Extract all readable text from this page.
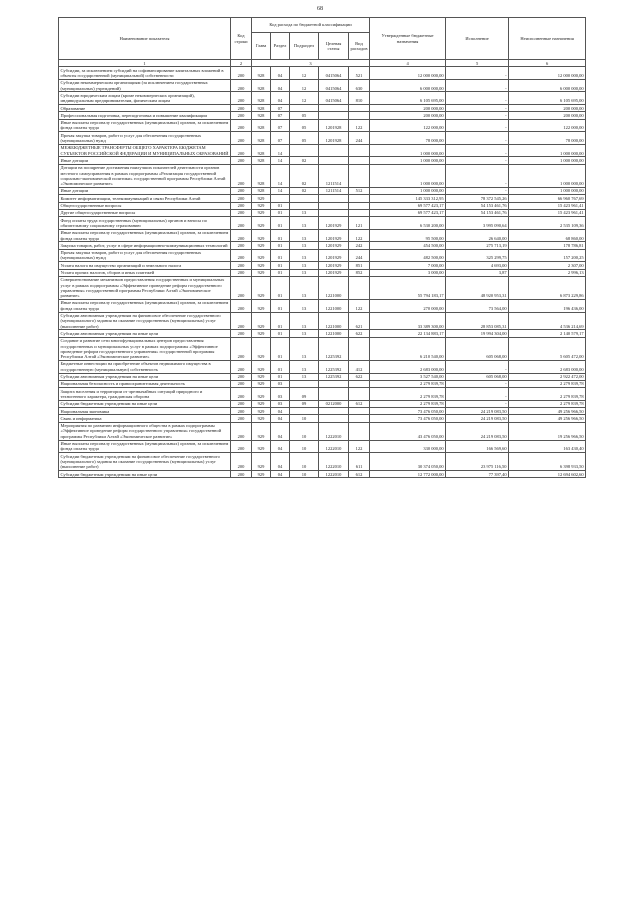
68
Наименование показателя	Код строки	Код расхода по бюджетной классификации					Утвержденные бюджетные назначения	Исполнение	Неисполненные назначения
		Глава	Раздел	Подраздел	Целевая статья	Вид расходов			
1	2	3					4	5	6
Субсидии, за исключением субсидий на софинансирование капитальных вложений в объекты государственной (муниципальной) собственности	200	928	04	12	0415064	521	12 000 000,00	-	12 000 000,00
Субсидии некоммерческим организациям (за исключением государственных (муниципальных) учреждений)	200	928	04	12	0415064	630	6 000 000,00	-	6 000 000,00
Субсидии юридическим лицам (кроме некоммерческих организаций), индивидуальным предпринимателям, физическим лицам	200	928	04	12	0415064	810	6 105 695,00	-	6 105 695,00
Образование	200	928	07				200 000,00	-	200 000,00
Профессиональная подготовка, переподготовка и повышение квалификации	200	928	07	05			200 000,00	-	200 000,00
Иные выплаты персоналу государственных (муниципальных) органов, за исключением фонда оплаты труда	200	928	07	05	1201928	122	122 000,00	-	122 000,00
Прочая закупка товаров, работ и услуг для обеспечения государственных (муниципальных) нужд	200	928	07	05	1201928	244	78 000,00	-	78 000,00
МЕЖБЮДЖЕТНЫЕ ТРАНСФЕРТЫ ОБЩЕГО ХАРАКТЕРА БЮДЖЕТАМ СУБЪЕКТОВ РОССИЙСКОЙ ФЕДЕРАЦИИ И МУНИЦИПАЛЬНЫХ ОБРАЗОВАНИЙ	200	928	14				1 000 000,00	-	1 000 000,00
Иные дотации	200	928	14	02			1 000 000,00	-	1 000 000,00
Дотации на поощрение достижения наилучших показателей деятельности органов местного самоуправления в рамках подпрограммы «Реализация государственной социально-экономической политики» государственной программы Республики Алтай «Экономическое развитие»	200	928	14	02	1211514		1 000 000,00	-	1 000 000,00
Иные дотации	200	928	14	02	1211514	512	1 000 000,00	-	1 000 000,00
Комитет информатизации, телекоммуникаций и связи Республики Алтай	200	929					145 333 312,95	78 372 545,26	66 960 767,69
Общегосударственные вопросы	200	929	01				69 577 423,17	54 153 461,76	15 423 961,41
Другие общегосударственные вопросы	200	929	01	13			69 577 423,17	54 153 461,76	15 423 961,41
Фонд оплаты труда государственных (муниципальных) органов и взносы по обязательному социальному страхованию	200	929	01	13	1201929	121	6 530 200,00	3 995 090,64	2 535 109,36
Иные выплаты персоналу государственных (муниципальных) органов, за исключением фонда оплаты труда	200	929	01	13	1201929	122	95 500,00	26 640,00	68 860,00
Закупка товаров, работ, услуг в сфере информационно-коммуникационных технологий	200	929	01	13	1201929	242	454 500,00	275 713,19	178 786,81
Прочая закупка товаров, работ и услуг для обеспечения государственных (муниципальных) нужд	200	929	01	13	1201929	244	482 500,00	325 299,75	157 200,25
Уплата налога на имущество организаций и земельного налога	200	929	01	13	1201929	851	7 000,00	4 693,00	2 307,00
Уплата прочих налогов, сборов и иных платежей	200	929	01	13	1201929	852	3 000,00	3,87	2 996,13
Совершенствование механизмов предоставления государственных и муниципальных услуг в рамках подпрограммы «Эффективное проведение реформ государственного управления» государственной программы Республики Алтай «Экономическое развитие»	200	929	01	13	1221000		55 794 183,17	48 920 953,31	6 873 229,86
Иные выплаты персоналу государственных (муниципальных) органов, за исключением фонда оплаты труда	200	929	01	13	1221000	122	270 000,00	73 564,00	196 436,00
Субсидии автономным учреждениям на финансовое обеспечение государственного (муниципального) задания на оказание государственных (муниципальных) услуг (выполнение работ)	200	929	01	13	1221000	621	33 389 300,00	28 853 085,31	4 536 214,69
Субсидии автономным учреждениям на иные цели	200	929	01	13	1221000	622	22 134 883,17	19 994 304,00	2 140 579,17
Создание и развитие сети многофункциональных центров предоставления государственных и муниципальных услуг в рамках подпрограммы «Эффективное проведение реформ государственного управления» государственной программы Республики Алтай «Экономическое развитие»	200	929	01	13	1225392		6 210 540,00	605 068,00	5 605 472,00
Бюджетные инвестиции на приобретение объектов недвижимого имущества в государственную (муниципальную) собственность	200	929	01	13	1225392	412	2 683 000,00	-	2 683 000,00
Субсидии автономным учреждениям на иные цели	200	929	01	13	1225392	622	3 527 540,00	605 068,00	2 922 472,00
Национальная безопасность и правоохранительная деятельность	200	929	03				2 279 839,78	-	2 279 839,78
Защита населения и территории от чрезвычайных ситуаций природного и техногенного характера, гражданская оборона	200	929	03	09			2 279 839,78	-	2 279 839,78
Субсидии бюджетным учреждениям на иные цели	200	929	03	09	0212000	612	2 279 839,78	-	2 279 839,78
Национальная экономика	200	929	04				73 476 050,00	24 219 083,50	49 256 966,50
Связь и информатика	200	929	04	10			73 476 050,00	24 219 083,50	49 256 966,50
Мероприятия по развитию информационного общества в рамках подпрограммы «Эффективное проведение реформ государственного управления» государственной программы Республики Алтай «Экономическое развитие»	200	929	04	10	1222010		43 476 050,00	24 219 083,50	19 256 966,50
Иные выплаты персоналу государственных (муниципальных) органов, за исключением фонда оплаты труда	200	929	04	10	1222010	122	330 000,00	166 569,60	163 430,40
Субсидии бюджетным учреждениям на финансовое обеспечение государственного (муниципального) задания на оказание государственных (муниципальных) услуг (выполнение работ)	200	929	04	10	1222010	611	30 374 050,00	23 975 116,50	6 398 933,50
Субсидии бюджетным учреждениям на иные цели	200	929	04	10	1222010	612	12 772 000,00	77 397,40	12 694 602,60
